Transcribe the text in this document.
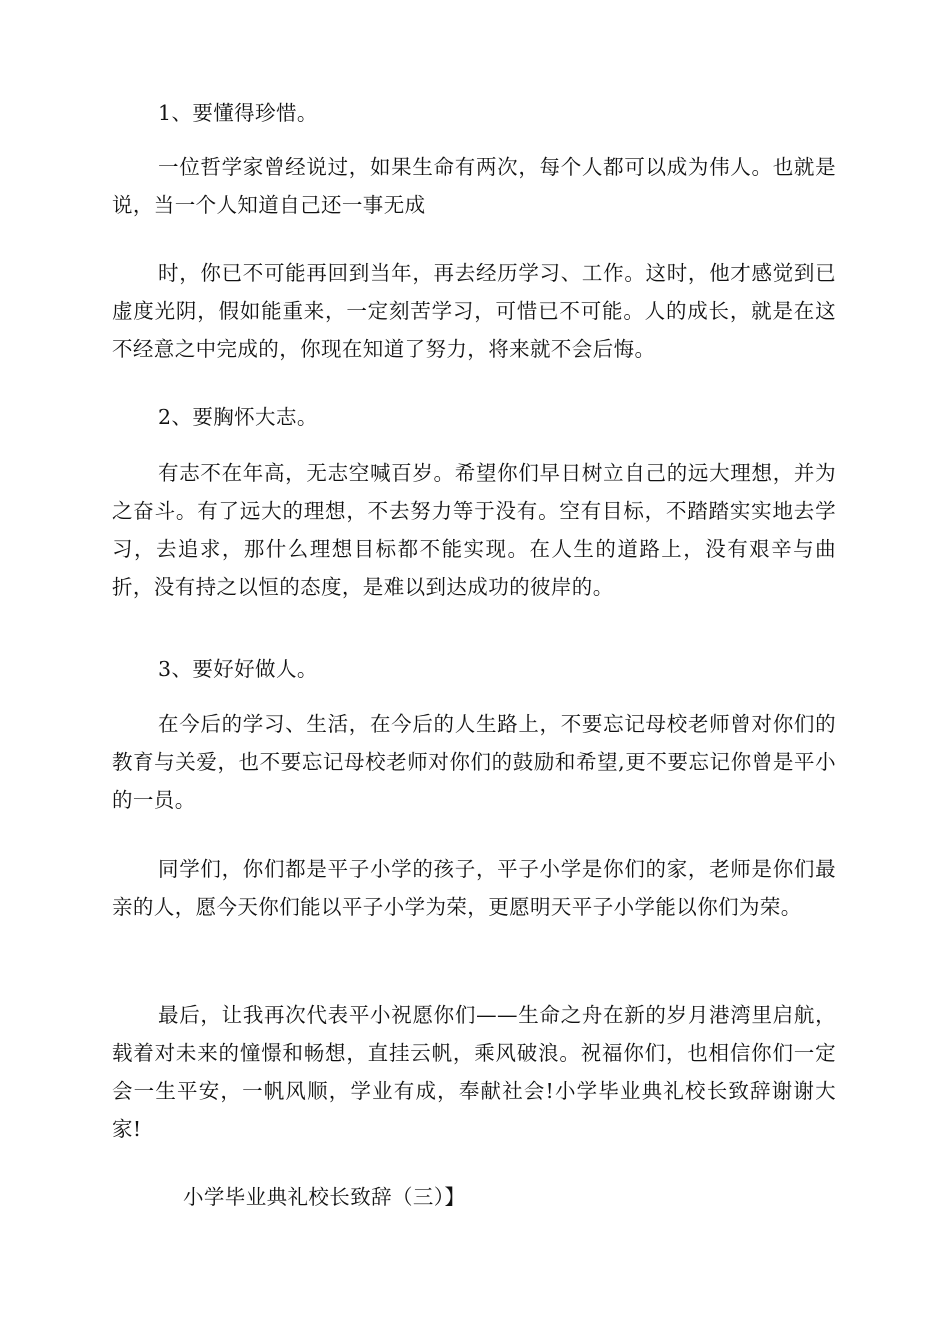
1、要懂得珍惜。

一位哲学家曾经说过，如果生命有两次，每个人都可以成为伟人。也就是说，当一个人知道自己还一事无成

时，你已不可能再回到当年，再去经历学习、工作。这时，他才感觉到已虚度光阴，假如能重来，一定刻苦学习，可惜已不可能。人的成长，就是在这不经意之中完成的，你现在知道了努力，将来就不会后悔。

2、要胸怀大志。

有志不在年高，无志空喊百岁。希望你们早日树立自己的远大理想，并为之奋斗。有了远大的理想，不去努力等于没有。空有目标，不踏踏实实地去学习，去追求，那什么理想目标都不能实现。在人生的道路上，没有艰辛与曲折，没有持之以恒的态度，是难以到达成功的彼岸的。

3、要好好做人。

在今后的学习、生活，在今后的人生路上，不要忘记母校老师曾对你们的教育与关爱，也不要忘记母校老师对你们的鼓励和希望,更不要忘记你曾是平小的一员。

同学们，你们都是平子小学的孩子，平子小学是你们的家，老师是你们最亲的人，愿今天你们能以平子小学为荣，更愿明天平子小学能以你们为荣。

最后，让我再次代表平小祝愿你们——生命之舟在新的岁月港湾里启航，载着对未来的憧憬和畅想，直挂云帆，乘风破浪。祝福你们，也相信你们一定会一生平安，一帆风顺，学业有成，奉献社会!小学毕业典礼校长致辞谢谢大家!

小学毕业典礼校长致辞（三）】
